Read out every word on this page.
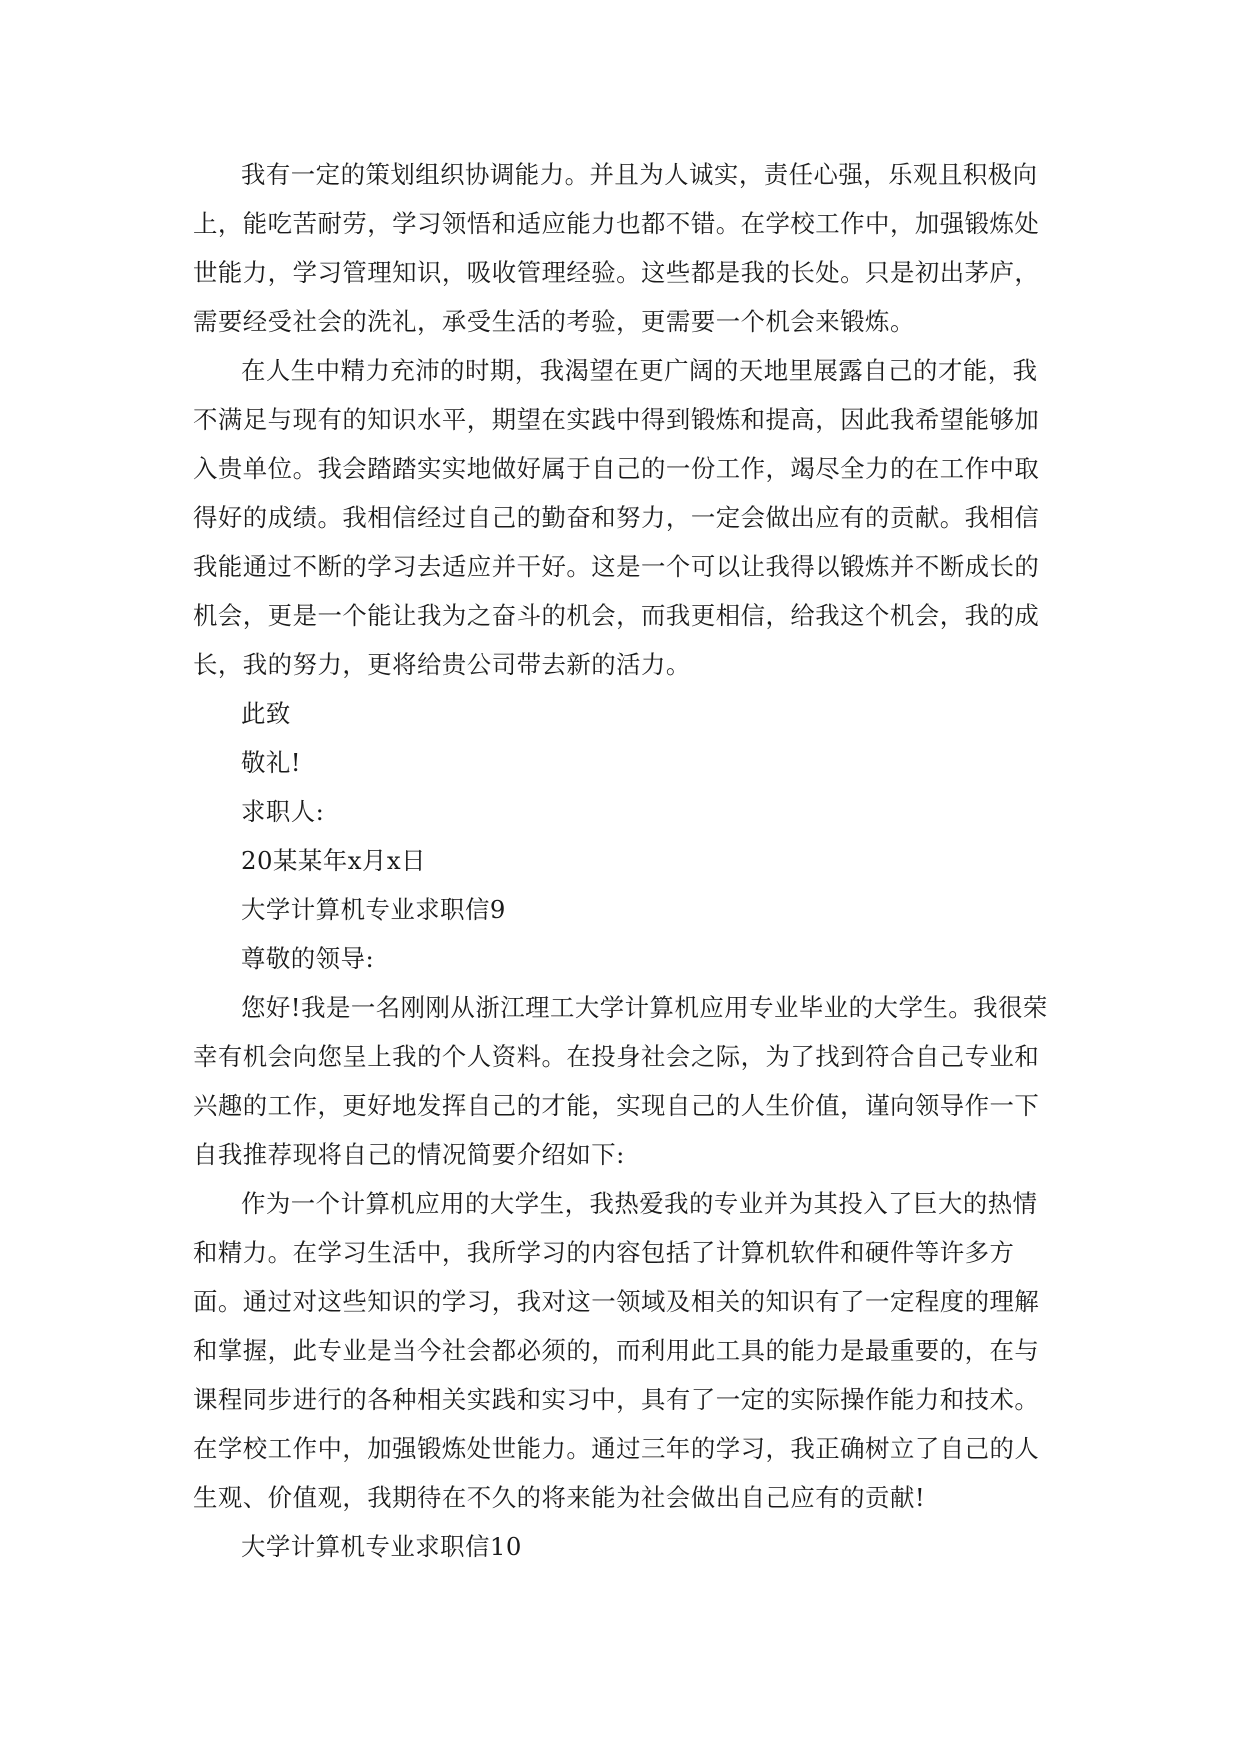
我有一定的策划组织协调能力。并且为人诚实，责任心强，乐观且积极向
上，能吃苦耐劳，学习领悟和适应能力也都不错。在学校工作中，加强锻炼处
世能力，学习管理知识，吸收管理经验。这些都是我的长处。只是初出茅庐，
需要经受社会的洗礼，承受生活的考验，更需要一个机会来锻炼。
在人生中精力充沛的时期，我渴望在更广阔的天地里展露自己的才能，我
不满足与现有的知识水平，期望在实践中得到锻炼和提高，因此我希望能够加
入贵单位。我会踏踏实实地做好属于自己的一份工作，竭尽全力的在工作中取
得好的成绩。我相信经过自己的勤奋和努力，一定会做出应有的贡献。我相信
我能通过不断的学习去适应并干好。这是一个可以让我得以锻炼并不断成长的
机会，更是一个能让我为之奋斗的机会，而我更相信，给我这个机会，我的成
长，我的努力，更将给贵公司带去新的活力。
此致
敬礼!
求职人:
20某某年x月x日
大学计算机专业求职信9
尊敬的领导:
您好!我是一名刚刚从浙江理工大学计算机应用专业毕业的大学生。我很荣
幸有机会向您呈上我的个人资料。在投身社会之际，为了找到符合自己专业和
兴趣的工作，更好地发挥自己的才能，实现自己的人生价值，谨向领导作一下
自我推荐现将自己的情况简要介绍如下:
作为一个计算机应用的大学生，我热爱我的专业并为其投入了巨大的热情
和精力。在学习生活中，我所学习的内容包括了计算机软件和硬件等许多方
面。通过对这些知识的学习，我对这一领域及相关的知识有了一定程度的理解
和掌握，此专业是当今社会都必须的，而利用此工具的能力是最重要的，在与
课程同步进行的各种相关实践和实习中，具有了一定的实际操作能力和技术。
在学校工作中，加强锻炼处世能力。通过三年的学习，我正确树立了自己的人
生观、价值观，我期待在不久的将来能为社会做出自己应有的贡献!
大学计算机专业求职信10
